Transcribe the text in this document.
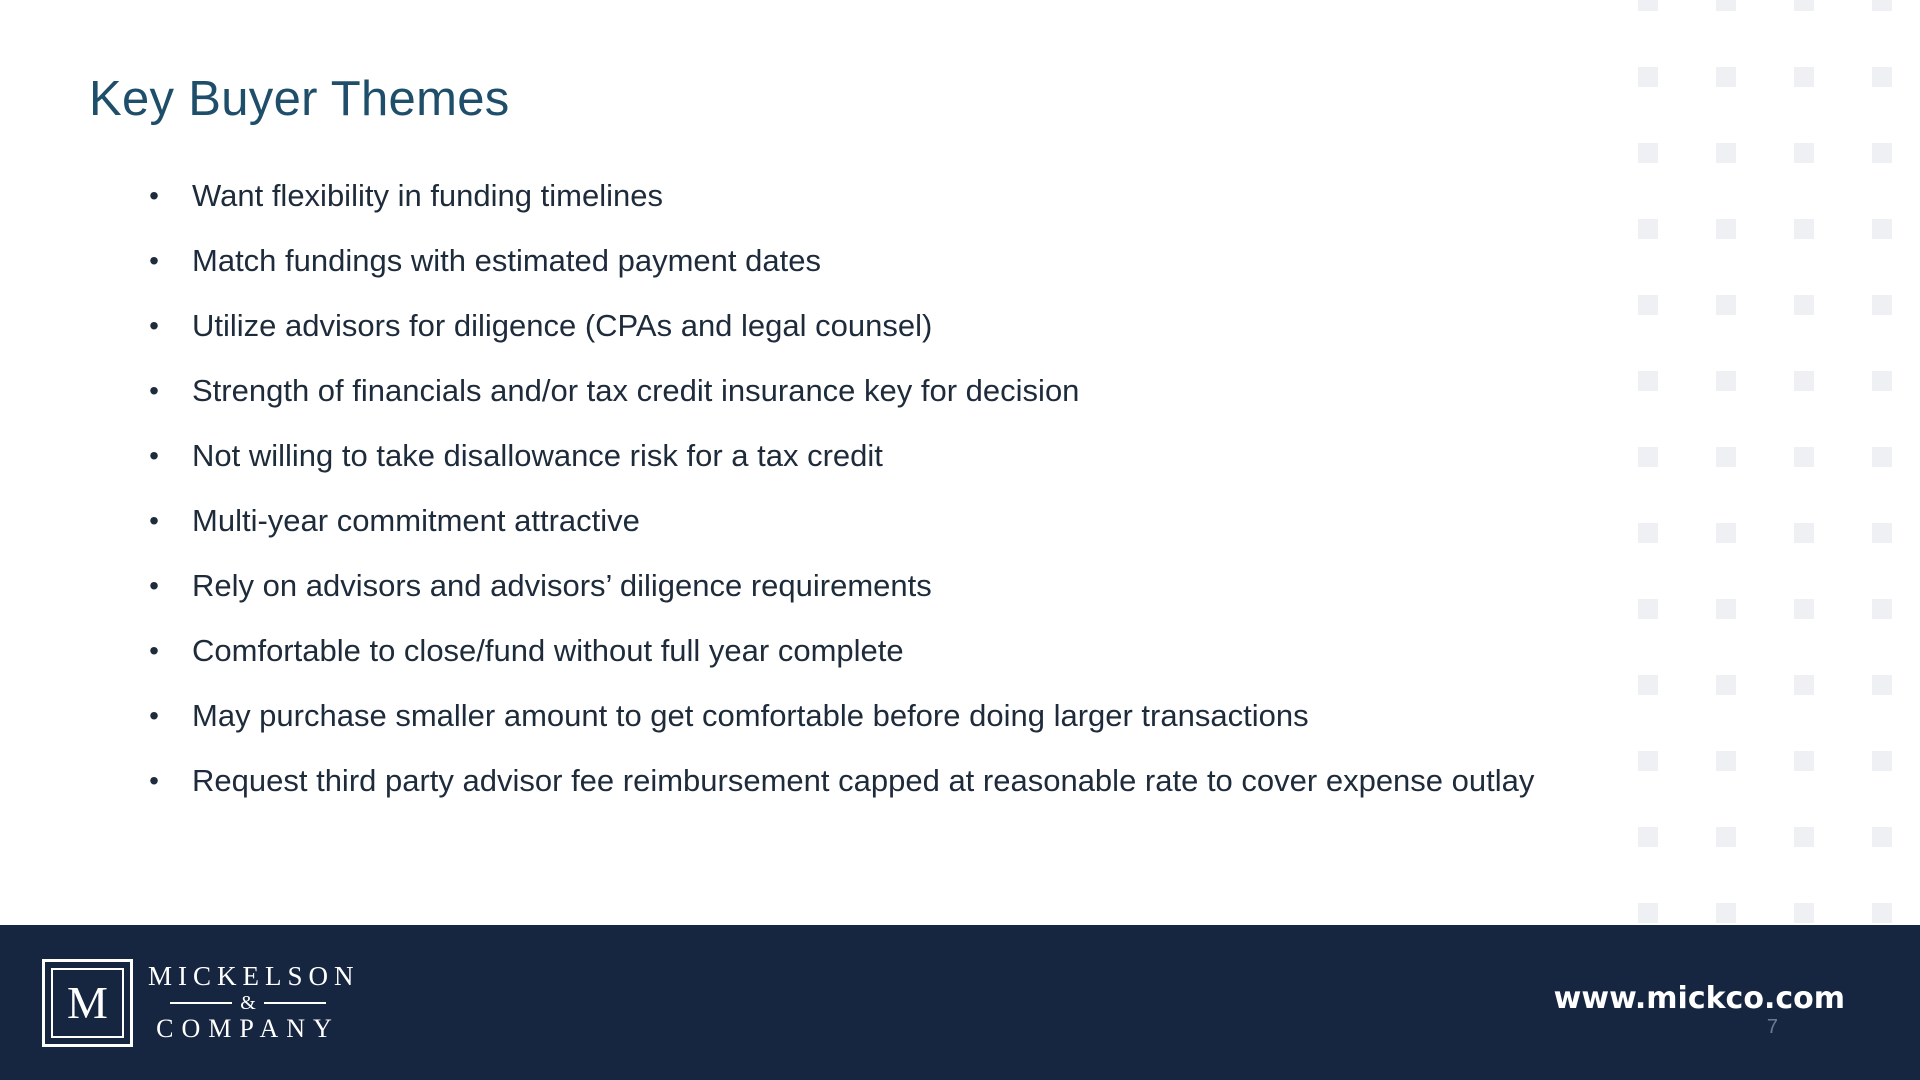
Key Buyer Themes
• Want flexibility in funding timelines
• Match fundings with estimated payment dates
• Utilize advisors for diligence (CPAs and legal counsel)
• Strength of financials and/or tax credit insurance key for decision
• Not willing to take disallowance risk for a tax credit
• Multi-year commitment attractive
• Rely on advisors and advisors’ diligence requirements
• Comfortable to close/fund without full year complete
• May purchase smaller amount to get comfortable before doing larger transactions
• Request third party advisor fee reimbursement capped at reasonable rate to cover expense outlay
M
MICKELSON
&
COMPANY
www.mickco.com
7
